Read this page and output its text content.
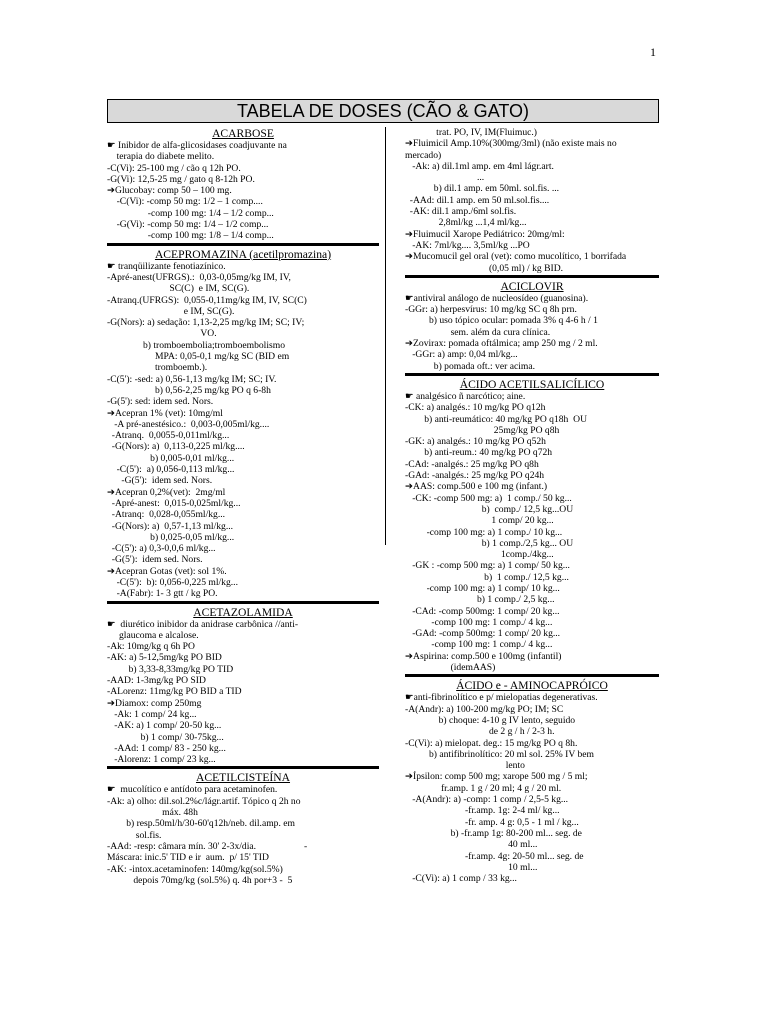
1
TABELA DE DOSES (CÃO & GATO)
ACARBOSE
☛ Inibidor de alfa-glicosidases coadjuvante na
terapia do diabete melito.
-C(Vi): 25-100 mg / cão q 12h PO.
-G(Vi): 12,5-25 mg / gato q 8-12h PO.
➔Glucobay: comp 50 – 100 mg.
-C(Vi): -comp 50 mg: 1/2 – 1 comp....
-comp 100 mg: 1/4 – 1/2 comp...
-G(Vi): -comp 50 mg: 1/4 – 1/2 comp...
-comp 100 mg: 1/8 – 1/4 comp...
ACEPROMAZINA (acetilpromazina)
☛ tranqüilizante fenotiazínico.
-Apré-anest(UFRGS).:  0,03-0,05mg/kg IM, IV,
SC(C)  e IM, SC(G).
-Atranq.(UFRGS):  0,055-0,11mg/kg IM, IV, SC(C)
e IM, SC(G).
-G(Nors): a) sedação: 1,13-2,25 mg/kg IM; SC; IV;
VO.
b) tromboembolia;tromboembolismo
MPA: 0,05-0,1 mg/kg SC (BID em
tromboemb.).
-C(5'): -sed: a) 0,56-1,13 mg/kg IM; SC; IV.
b) 0,56-2,25 mg/kg PO q 6-8h
-G(5'): sed: idem sed. Nors.
➔Acepran 1% (vet): 10mg/ml
-A pré-anestésico.:  0,003-0,005ml/kg....
-Atranq.  0,0055-0,011ml/kg...
-G(Nors): a)  0,113-0,225 ml/kg....
b) 0,005-0,01 ml/kg...
-C(5'):  a) 0,056-0,113 ml/kg...
-G(5'):  idem sed. Nors.
➔Acepran 0,2%(vet):  2mg/ml
-Apré-anest:  0,015-0,025ml/kg...
-Atranq:  0,028-0,055ml/kg...
-G(Nors): a)  0,57-1,13 ml/kg...
b) 0,025-0,05 ml/kg...
-C(5'): a) 0,3-0,0,6 ml/kg...
-G(5'):  idem sed. Nors.
➔Acepran Gotas (vet): sol 1%.
-C(5'):  b): 0,056-0,225 ml/kg...
-A(Fabr): 1- 3 gtt / kg PO.
ACETAZOLAMIDA
☛  diurético inibidor da anidrase carbônica //anti-
glaucoma e alcalose.
-Ak: 10mg/kg q 6h PO
-AK: a) 5-12,5mg/kg PO BID
b) 3,33-8,33mg/kg PO TID
-AAD: 1-3mg/kg PO SID
-ALorenz: 11mg/kg PO BID a TID
➔Diamox: comp 250mg
-Ak: 1 comp/ 24 kg...
-AK: a) 1 comp/ 20-50 kg...
b) 1 comp/ 30-75kg...
-AAd: 1 comp/ 83 - 250 kg...
-Alorenz: 1 comp/ 23 kg...
ACETILCISTEÍNA
☛  mucolítico e antídoto para acetaminofen.
-Ak: a) olho: dil.sol.2%c/lágr.artif. Tópico q 2h no
máx. 48h
b) resp.50ml/h/30-60'q12h/neb. dil.amp. em
sol.fis.
-AAd: -resp: câmara mín. 30' 2-3x/dia.                    -
Máscara: inic.5' TID e ir  aum.  p/ 15' TID
-AK: -intox.acetaminofen: 140mg/kg(sol.5%)
depois 70mg/kg (sol.5%) q. 4h por+3 -  5
trat. PO, IV, IM(Fluimuc.)
➔Fluimicil Amp.10%(300mg/3ml) (não existe mais no
mercado)
-Ak: a) dil.1ml amp. em 4ml lágr.art.
...
b) dil.1 amp. em 50ml. sol.fis. ...
-AAd: dil.1 amp. em 50 ml.sol.fis....
-AK: dil.1 amp./6ml sol.fis.
2,8ml/kg ...1,4 ml/kg...
➔Fluimucil Xarope Pediátrico: 20mg/ml:
-AK: 7ml/kg.... 3,5ml/kg ...PO
➔Mucomucil gel oral (vet): como mucolítico, 1 borrifada
(0,05 ml) / kg BID.
ACICLOVIR
☛antiviral análogo de nucleosídeo (guanosina).
-GGr: a) herpesvírus: 10 mg/kg SC q 8h prn.
b) uso tópico ocular: pomada 3% q 4-6 h / 1
sem. além da cura clínica.
➔Zovirax: pomada oftálmica; amp 250 mg / 2 ml.
-GGr: a) amp: 0,04 ml/kg...
b) pomada oft.: ver acima.
ÁCIDO ACETILSALICÍLICO
☛ analgésico ñ narcótico; aine.
-CK: a) analgés.: 10 mg/kg PO q12h
b) anti-reumático: 40 mg/kg PO q18h  OU
25mg/kg PO q8h
-GK: a) analgés.: 10 mg/kg PO q52h
b) anti-reum.: 40 mg/kg PO q72h
-CAd: -analgés.: 25 mg/kg PO q8h
-GAd: -analgés.: 25 mg/kg PO q24h
➔AAS: comp.500 e 100 mg (infant.)
-CK: -comp 500 mg: a)  1 comp./ 50 kg...
b)  comp./ 12,5 kg...OU
1 comp/ 20 kg...
-comp 100 mg: a) 1 comp./ 10 kg...
b) 1 comp./2,5 kg... OU
1comp./4kg...
-GK : -comp 500 mg: a) 1 comp/ 50 kg...
b)  1 comp./ 12,5 kg...
-comp 100 mg: a) 1 comp/ 10 kg...
b) 1 comp./ 2,5 kg...
-CAd: -comp 500mg: 1 comp/ 20 kg...
-comp 100 mg: 1 comp./ 4 kg...
-GAd: -comp 500mg: 1 comp/ 20 kg...
-comp 100 mg: 1 comp./ 4 kg...
➔Aspirina: comp.500 e 100mg (infantil)
(idemAAS)
ÁCIDO e - AMINOCAPRÓICO
☛anti-fibrinolítico e p/ mielopatias degenerativas.
-A(Andr): a) 100-200 mg/kg PO; IM; SC
b) choque: 4-10 g IV lento, seguido
de 2 g / h / 2-3 h.
-C(Vi): a) mielopat. deg.: 15 mg/kg PO q 8h.
b) antifibrinolítico: 20 ml sol. 25% IV bem
lento
➔Ípsilon: comp 500 mg; xarope 500 mg / 5 ml;
fr.amp. 1 g / 20 ml; 4 g / 20 ml.
-A(Andr): a) -comp: 1 comp / 2,5-5 kg...
-fr.amp. 1g: 2-4 ml/ kg...
-fr. amp. 4 g: 0,5 - 1 ml / kg...
b) -fr.amp 1g: 80-200 ml... seg. de
40 ml...
-fr.amp. 4g: 20-50 ml... seg. de
10 ml...
-C(Vi): a) 1 comp / 33 kg...
